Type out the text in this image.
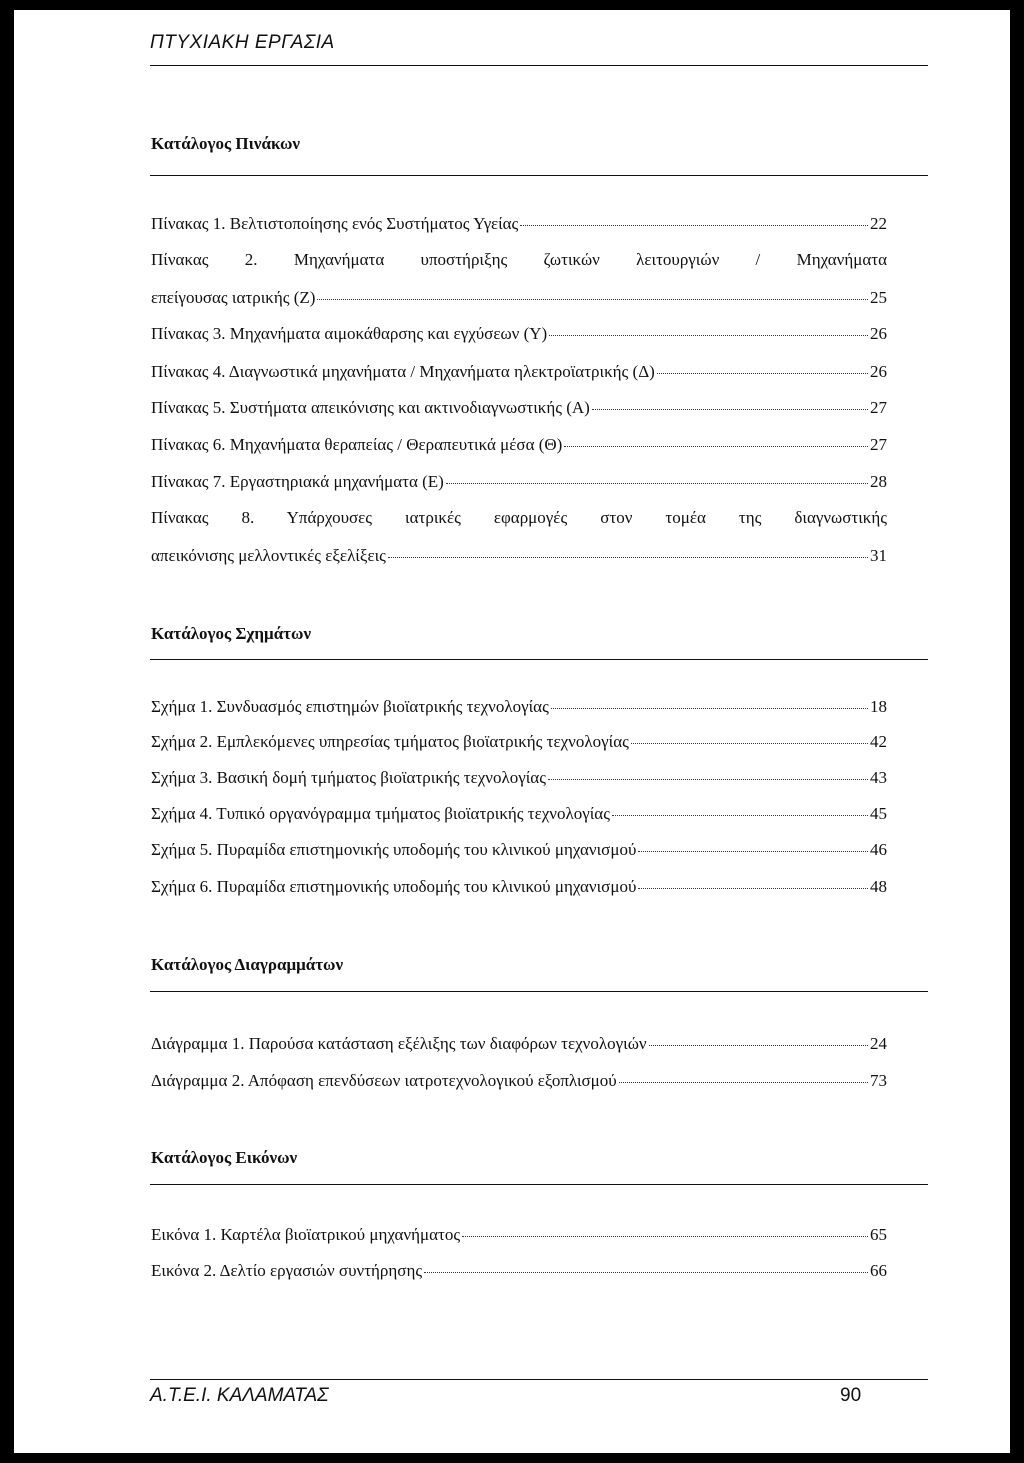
ΠΤΥΧΙΑΚΗ ΕΡΓΑΣΙΑ
Κατάλογος Πινάκων
Πίνακας 1. Βελτιστοποίησης ενός Συστήματος Υγείας	22
Πίνακας 2. Μηχανήματα υποστήριξης ζωτικών λειτουργιών / Μηχανήματα
επείγουσας ιατρικής (Ζ)	25
Πίνακας 3. Μηχανήματα αιμοκάθαρσης και εγχύσεων (Υ)	26
Πίνακας 4. Διαγνωστικά μηχανήματα / Μηχανήματα ηλεκτροϊατρικής (Δ)	26
Πίνακας 5. Συστήματα απεικόνισης και ακτινοδιαγνωστικής (Α)	27
Πίνακας 6. Μηχανήματα θεραπείας / Θεραπευτικά μέσα (Θ)	27
Πίνακας 7. Εργαστηριακά μηχανήματα (Ε)	28
Πίνακας 8. Υπάρχουσες ιατρικές εφαρμογές στον τομέα της διαγνωστικής
απεικόνισης μελλοντικές εξελίξεις	31
Κατάλογος Σχημάτων
Σχήμα 1. Συνδυασμός επιστημών βιοϊατρικής τεχνολογίας	18
Σχήμα 2. Εμπλεκόμενες υπηρεσίας τμήματος βιοϊατρικής τεχνολογίας	42
Σχήμα 3. Βασική δομή τμήματος βιοϊατρικής τεχνολογίας	43
Σχήμα 4. Τυπικό οργανόγραμμα τμήματος βιοϊατρικής τεχνολογίας	45
Σχήμα 5. Πυραμίδα επιστημονικής υποδομής του κλινικού μηχανισμού	46
Σχήμα 6. Πυραμίδα επιστημονικής υποδομής του κλινικού μηχανισμού	48
Κατάλογος Διαγραμμάτων
Διάγραμμα 1. Παρούσα κατάσταση εξέλιξης των διαφόρων τεχνολογιών	24
Διάγραμμα 2. Απόφαση επενδύσεων ιατροτεχνολογικού εξοπλισμού	73
Κατάλογος Εικόνων
Εικόνα 1. Καρτέλα βιοϊατρικού μηχανήματος	65
Εικόνα 2. Δελτίο εργασιών συντήρησης	66
Α.Τ.Ε.Ι. ΚΑΛΑΜΑΤΑΣ	90
